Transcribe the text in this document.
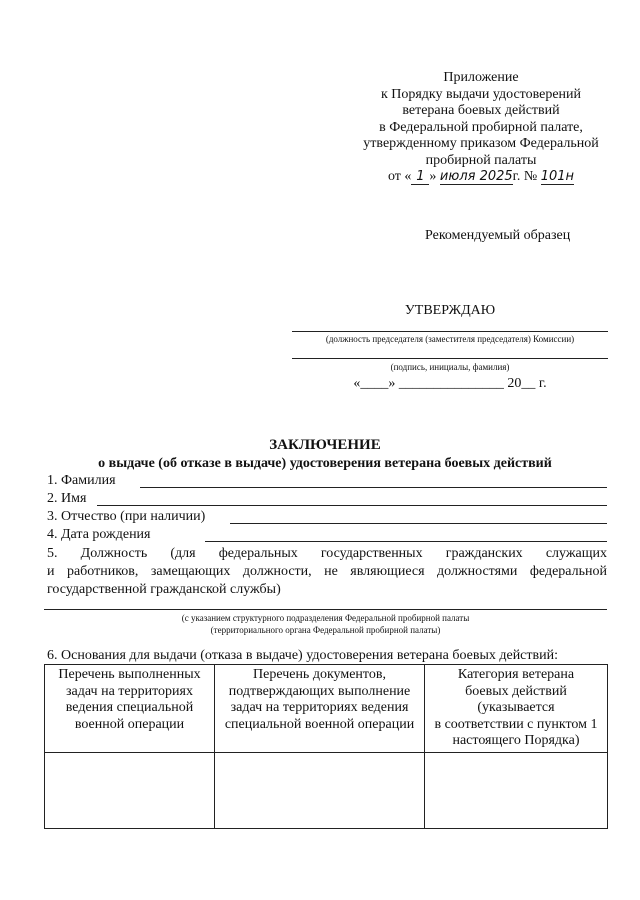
Приложение
к Порядку выдачи удостоверений
ветерана боевых действий
в Федеральной пробирной палате,
утвержденному приказом Федеральной
пробирной палаты
от « 1 » июля 2025г. № 101н
Рекомендуемый образец
УТВЕРЖДАЮ
(должность председателя (заместителя председателя) Комиссии)
(подпись, инициалы, фамилия)
«____» _______________ 20__ г.
ЗАКЛЮЧЕНИЕ
о выдаче (об отказе в выдаче) удостоверения ветерана боевых действий
1. Фамилия
2. Имя
3. Отчество (при наличии)
4. Дата рождения
5. Должность (для федеральных государственных гражданских служащих
и работников, замещающих должности, не являющиеся должностями федеральной
государственной гражданской службы)
(с указанием структурного подразделения Федеральной пробирной палаты
(территориального органа Федеральной пробирной палаты)
6. Основания для выдачи (отказа в выдаче) удостоверения ветерана боевых действий:
Перечень выполненных
задач на территориях
ведения специальной
военной операции	Перечень документов,
подтверждающих выполнение
задач на территориях ведения
специальной военной операции	Категория ветерана
боевых действий
(указывается
в соответствии с пунктом 1
настоящего Порядка)
